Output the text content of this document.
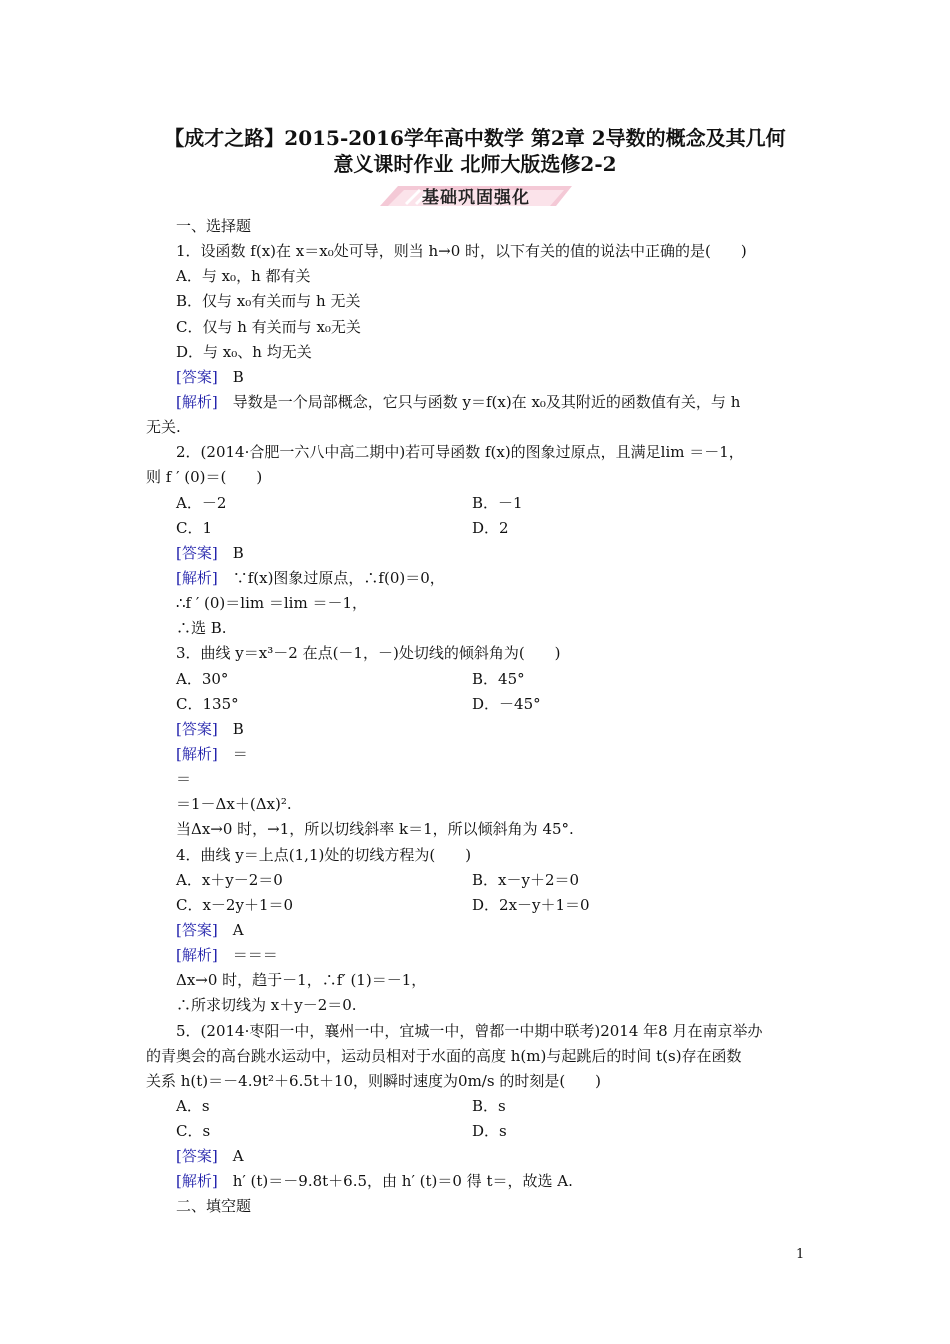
【成才之路】2015-2016学年高中数学 第2章 2导数的概念及其几何
意义课时作业 北师大版选修2-2
基础巩固强化
一、选择题
1．设函数 f(x)在 x＝x₀处可导，则当 h→0 时，以下有关的值的说法中正确的是(　　)
A．与 x₀，h 都有关
B．仅与 x₀有关而与 h 无关
C．仅与 h 有关而与 x₀无关
D．与 x₀、h 均无关
[答案]　B
[解析]　导数是一个局部概念，它只与函数 y＝f(x)在 x₀及其附近的函数值有关，与 h
无关.
2．(2014·合肥一六八中高二期中)若可导函数 f(x)的图象过原点，且满足lim ＝－1，
则 f ′ (0)＝(　　)
A．－2	B．－1
C．1	D．2
[答案]　B
[解析]　∵f(x)图象过原点，∴f(0)＝0，
∴f ′ (0)＝lim ＝lim ＝－1，
∴选 B.
3．曲线 y＝x³－2 在点(－1，－)处切线的倾斜角为(　　)
A．30°	B．45°
C．135°	D．－45°
[答案]　B
[解析]　＝
＝
＝1－Δx＋(Δx)².
当Δx→0 时，→1，所以切线斜率 k＝1，所以倾斜角为 45°.
4．曲线 y＝上点(1,1)处的切线方程为(　　)
A．x＋y－2＝0	B．x－y＋2＝0
C．x－2y＋1＝0	D．2x－y＋1＝0
[答案]　A
[解析]　＝＝＝
Δx→0 时，趋于－1，∴f′ (1)＝－1，
∴所求切线为 x＋y－2＝0.
5．(2014·枣阳一中，襄州一中，宜城一中，曾都一中期中联考)2014 年8 月在南京举办
的青奥会的高台跳水运动中，运动员相对于水面的高度 h(m)与起跳后的时间 t(s)存在函数
关系 h(t)＝－4.9t²＋6.5t＋10，则瞬时速度为0m/s 的时刻是(　　)
A．s	B．s
C．s	D．s
[答案]　A
[解析]　h′ (t)＝－9.8t＋6.5，由 h′ (t)＝0 得 t＝，故选 A.
二、填空题
1
